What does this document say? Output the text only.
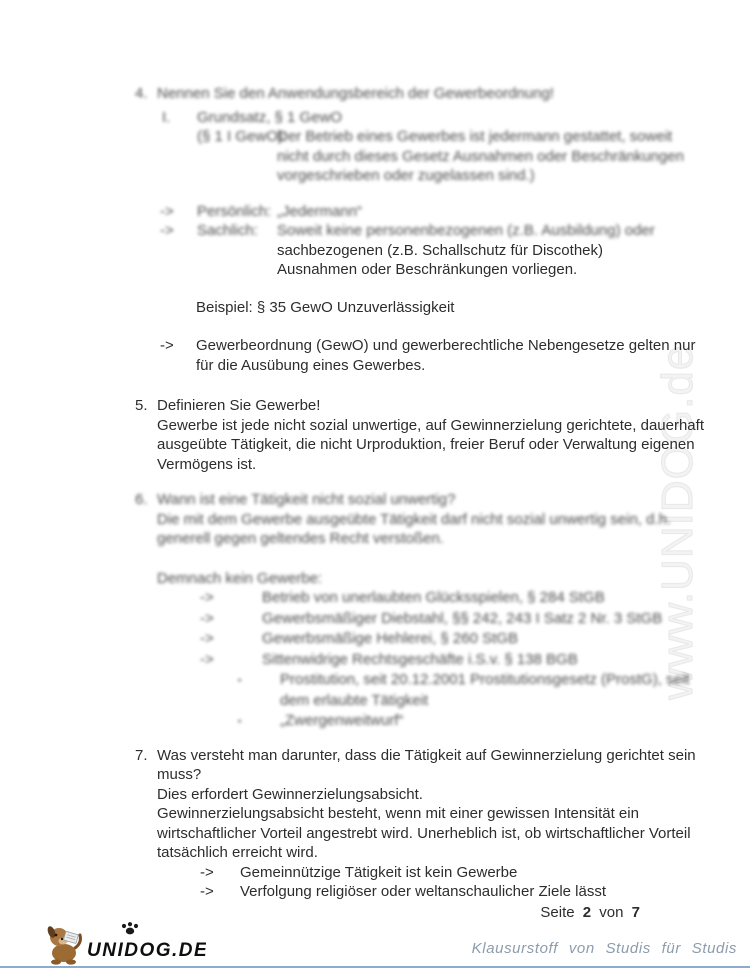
www.UNIDOG.de
4. Nennen Sie den Anwendungsbereich der Gewerbeordnung!
I.	Grundsatz, § 1 GewO
(§ 1 I GewO):
Der Betrieb eines Gewerbes ist jedermann gestattet, soweit
nicht durch dieses Gesetz Ausnahmen oder Beschränkungen
vorgeschrieben oder zugelassen sind.)
->	Persönlich: „Jedermann“
->	Sachlich:	Soweit keine personenbezogenen (z.B. Ausbildung) oder
sachbezogenen (z.B. Schallschutz für Discothek)
Ausnahmen oder Beschränkungen vorliegen.
Beispiel: § 35 GewO Unzuverlässigkeit
->	Gewerbeordnung (GewO) und gewerberechtliche Nebengesetze gelten nur
für die Ausübung eines Gewerbes.
5. Definieren Sie Gewerbe!
Gewerbe ist jede nicht sozial unwertige, auf Gewinnerzielung gerichtete, dauerhaft
ausgeübte Tätigkeit, die nicht Urproduktion, freier Beruf oder Verwaltung eigenen
Vermögens ist.
6. Wann ist eine Tätigkeit nicht sozial unwertig?
Die mit dem Gewerbe ausgeübte Tätigkeit darf nicht sozial unwertig sein, d.h.
generell gegen geltendes Recht verstoßen.
Demnach kein Gewerbe:
->	Betrieb von unerlaubten Glücksspielen, § 284 StGB
->	Gewerbsmäßiger Diebstahl, §§ 242, 243 I Satz 2 Nr. 3 StGB
->	Gewerbsmäßige Hehlerei, § 260 StGB
->	Sittenwidrige Rechtsgeschäfte i.S.v. § 138 BGB
▪	Prostitution, seit 20.12.2001 Prostitutionsgesetz (ProstG), seit
dem erlaubte Tätigkeit
▪	„Zwergenweitwurf“
7. Was versteht man darunter, dass die Tätigkeit auf Gewinnerzielung gerichtet sein
muss?
Dies erfordert Gewinnerzielungsabsicht.
Gewinnerzielungsabsicht besteht, wenn mit einer gewissen Intensität ein
wirtschaftlicher Vorteil angestrebt wird. Unerheblich ist, ob wirtschaftlicher Vorteil
tatsächlich erreicht wird.
->	Gemeinnützige Tätigkeit ist kein Gewerbe
->	Verfolgung religiöser oder weltanschaulicher Ziele lässt
Seite 2 von 7
UNIDOG.DE	Klausurstoff von Studis für Studis
